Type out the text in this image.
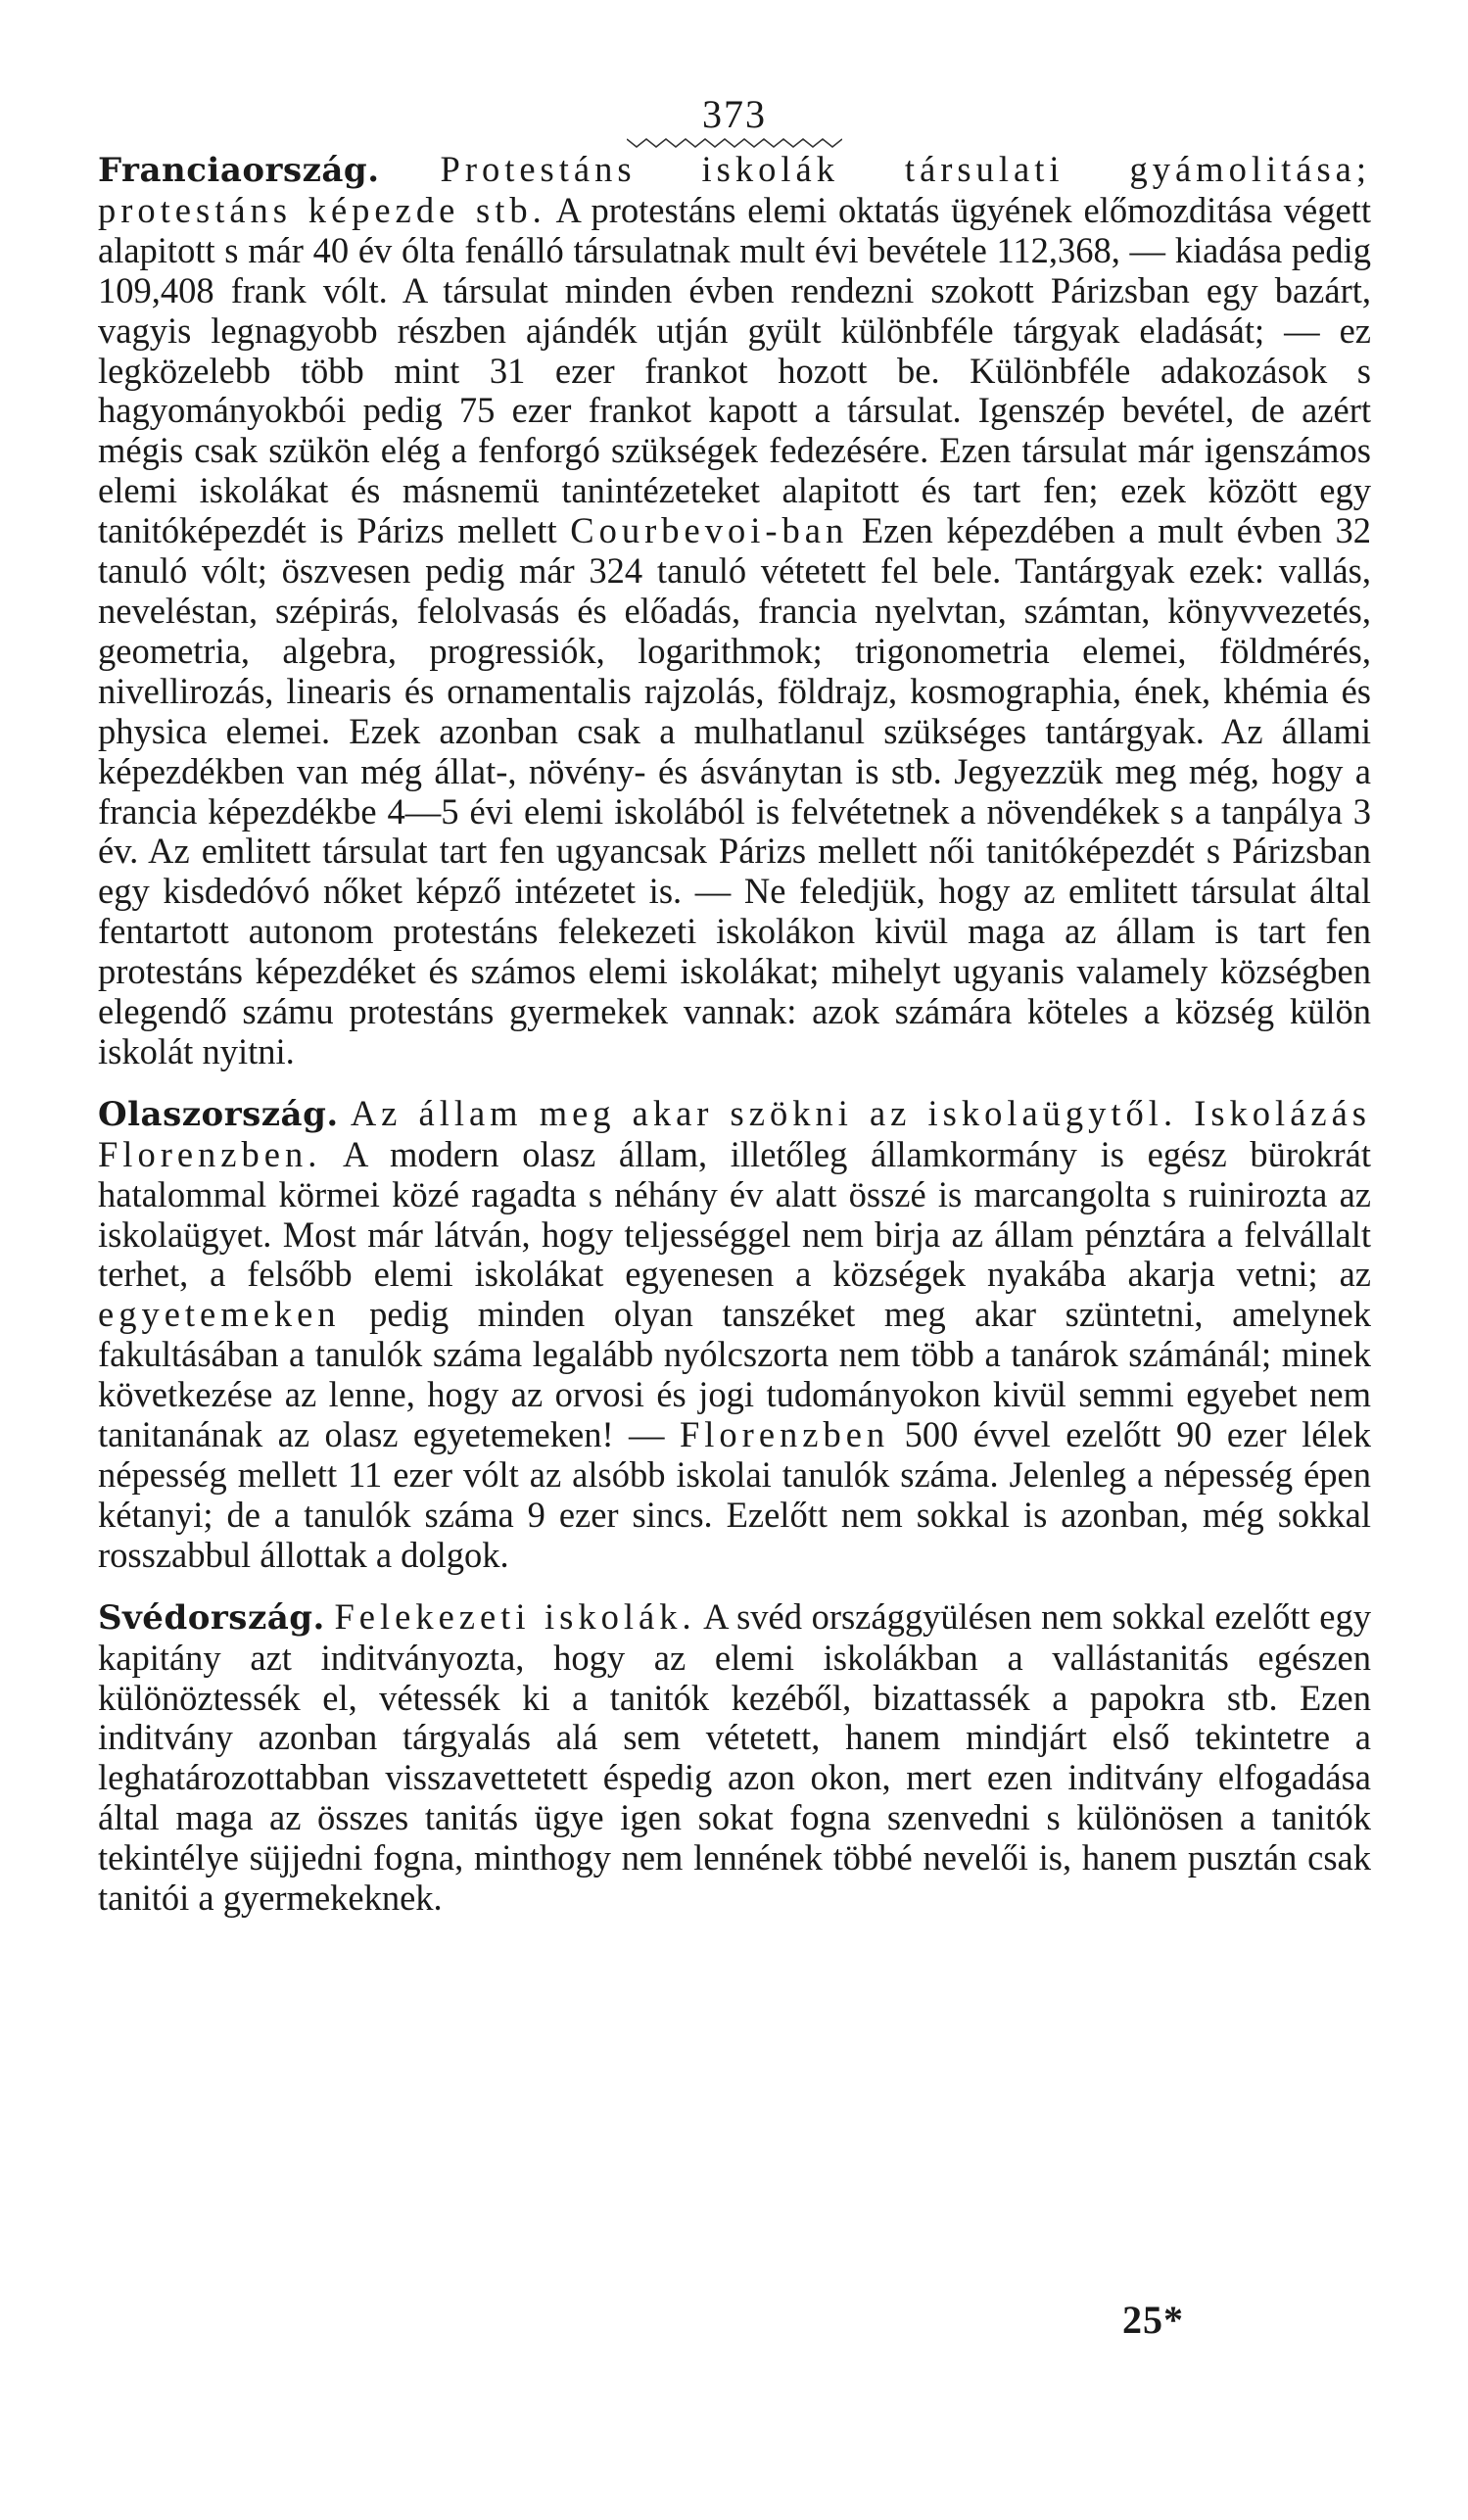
373

Franciaország. Protestáns iskolák társulati gyámolitása; protestáns képezde stb. A protestáns elemi oktatás ügyének előmozditása végett alapitott s már 40 év ólta fenálló társulatnak mult évi bevétele 112,368, — kiadása pedig 109,408 frank vólt. A társulat minden évben rendezni szokott Párizsban egy bazárt, vagyis legnagyobb részben ajándék utján gyült különbféle tárgyak eladását; — ez legközelebb több mint 31 ezer frankot hozott be. Különbféle adakozások s hagyományokbói pedig 75 ezer frankot kapott a társulat. Igenszép bevétel, de azért mégis csak szükön elég a fenforgó szükségek fedezésére. Ezen társulat már igenszámos elemi iskolákat és másnemü tanintézeteket alapitott és tart fen; ezek között egy tanitóképezdét is Párizs mellett Courbevoi-ban Ezen képezdében a mult évben 32 tanuló vólt; öszvesen pedig már 324 tanuló vétetett fel bele. Tantárgyak ezek: vallás, neveléstan, szépirás, felolvasás és előadás, francia nyelvtan, számtan, könyvvezetés, geometria, algebra, progressiók, logarithmok; trigonometria elemei, földmérés, nivellirozás, linearis és ornamentalis rajzolás, földrajz, kosmographia, ének, khémia és physica elemei. Ezek azonban csak a mulhatlanul szükséges tantárgyak. Az állami képezdékben van még állat-, növény- és ásványtan is stb. Jegyezzük meg még, hogy a francia képezdékbe 4—5 évi elemi iskolából is felvétetnek a növendékek s a tanpálya 3 év. Az emlitett társulat tart fen ugyancsak Párizs mellett női tanitóképezdét s Párizsban egy kisdedóvó nőket képző intézetet is. — Ne feledjük, hogy az emlitett társulat által fentartott autonom protestáns felekezeti iskolákon kivül maga az állam is tart fen protestáns képezdéket és számos elemi iskolákat; mihelyt ugyanis valamely községben elegendő számu protestáns gyermekek vannak: azok számára köteles a község külön iskolát nyitni.

Olaszország. Az állam meg akar szökni az iskolaügytől. Iskolázás Florenzben. A modern olasz állam, illetőleg államkormány is egész bürokrát hatalommal körmei közé ragadta s néhány év alatt összé is marcangolta s ruinirozta az iskolaügyet. Most már látván, hogy teljességgel nem birja az állam pénztára a felvállalt terhet, a felsőbb elemi iskolákat egyenesen a községek nyakába akarja vetni; az egyetemeken pedig minden olyan tanszéket meg akar szüntetni, amelynek fakultásában a tanulók száma legalább nyólcszorta nem több a tanárok számánál; minek következése az lenne, hogy az orvosi és jogi tudományokon kivül semmi egyebet nem tanitanának az olasz egyetemeken! — Florenzben 500 évvel ezelőtt 90 ezer lélek népesség mellett 11 ezer vólt az alsóbb iskolai tanulók száma. Jelenleg a népesség épen kétanyi; de a tanulók száma 9 ezer sincs. Ezelőtt nem sokkal is azonban, még sokkal rosszabbul állottak a dolgok.

Svédország. Felekezeti iskolák. A svéd országgyülésen nem sokkal ezelőtt egy kapitány azt inditványozta, hogy az elemi iskolákban a vallástanitás egészen különöztessék el, vétessék ki a tanitók kezéből, bizattassék a papokra stb. Ezen inditvány azonban tárgyalás alá sem vétetett, hanem mindjárt első tekintetre a leghatározottabban visszavettetett éspedig azon okon, mert ezen inditvány elfogadása által maga az összes tanitás ügye igen sokat fogna szenvedni s különösen a tanitók tekintélye süjjedni fogna, minthogy nem lennének többé nevelői is, hanem pusztán csak tanitói a gyermekeknek.

25*
